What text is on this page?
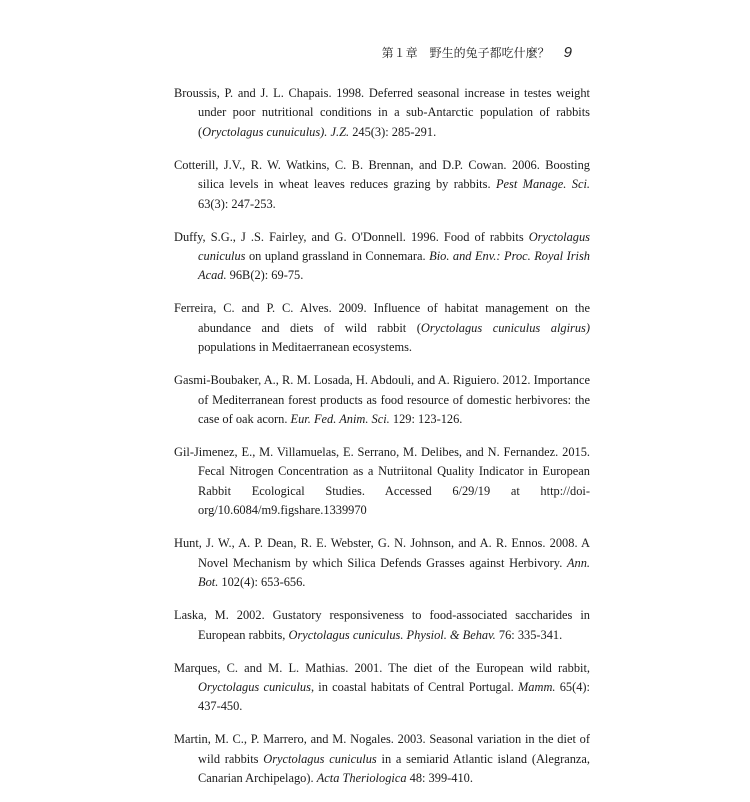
第１章　野生的兔子都吃什麼？ 9
Broussis, P. and J. L. Chapais. 1998. Deferred seasonal increase in testes weight under poor nutritional conditions in a sub-Antarctic population of rabbits (Oryctolagus cunuiculus). J.Z. 245(3): 285-291.
Cotterill, J.V., R. W. Watkins, C. B. Brennan, and D.P. Cowan. 2006. Boosting silica levels in wheat leaves reduces grazing by rabbits. Pest Manage. Sci. 63(3): 247-253.
Duffy, S.G., J .S. Fairley, and G. O'Donnell. 1996. Food of rabbits Oryctolagus cuniculus on upland grassland in Connemara. Bio. and Env.: Proc. Royal Irish Acad. 96B(2): 69-75.
Ferreira, C. and P. C. Alves. 2009. Influence of habitat management on the abundance and diets of wild rabbit (Oryctolagus cuniculus algirus) populations in Meditaerranean ecosystems.
Gasmi-Boubaker, A., R. M. Losada, H. Abdouli, and A. Riguiero. 2012. Importance of Mediterranean forest products as food resource of domestic herbivores: the case of oak acorn. Eur. Fed. Anim. Sci. 129: 123-126.
Gil-Jimenez, E., M. Villamuelas, E. Serrano, M. Delibes, and N. Fernandez. 2015. Fecal Nitrogen Concentration as a Nutriitonal Quality Indicator in European Rabbit Ecological Studies. Accessed 6/29/19 at http://doi-org/10.6084/m9.figshare.1339970
Hunt, J. W., A. P. Dean, R. E. Webster, G. N. Johnson, and A. R. Ennos. 2008. A Novel Mechanism by which Silica Defends Grasses against Herbivory. Ann. Bot. 102(4): 653-656.
Laska, M. 2002. Gustatory responsiveness to food-associated saccharides in European rabbits, Oryctolagus cuniculus. Physiol. & Behav. 76: 335-341.
Marques, C. and M. L. Mathias. 2001. The diet of the European wild rabbit, Oryctolagus cuniculus, in coastal habitats of Central Portugal. Mamm. 65(4): 437-450.
Martin, M. C., P. Marrero, and M. Nogales. 2003. Seasonal variation in the diet of wild rabbits Oryctolagus cuniculus in a semiarid Atlantic island (Alegranza, Canarian Archipelago). Acta Theriologica 48: 399-410.
